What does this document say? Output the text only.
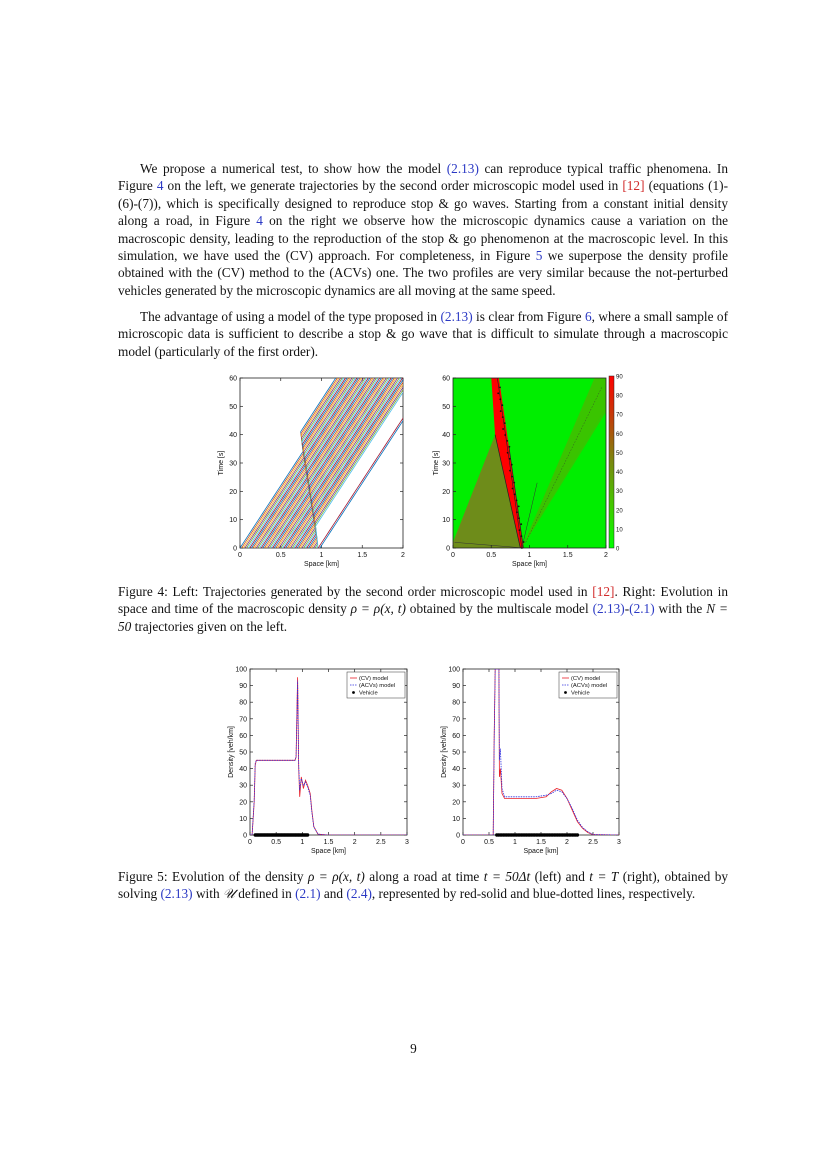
We propose a numerical test, to show how the model (2.13) can reproduce typical traffic phenomena. In Figure 4 on the left, we generate trajectories by the second order microscopic model used in [12] (equations (1)-(6)-(7)), which is specifically designed to reproduce stop & go waves. Starting from a constant initial density along a road, in Figure 4 on the right we observe how the microscopic dynamics cause a variation on the macroscopic density, leading to the reproduction of the stop & go phenomenon at the macroscopic level. In this simulation, we have used the (CV) approach. For completeness, in Figure 5 we superpose the density profile obtained with the (CV) method to the (ACVs) one. The two profiles are very similar because the not-perturbed vehicles generated by the microscopic dynamics are all moving at the same speed.

The advantage of using a model of the type proposed in (2.13) is clear from Figure 6, where a small sample of microscopic data is sufficient to describe a stop & go wave that is difficult to simulate through a macroscopic model (particularly of the first order).

0	0.5	1	1.5	2
0
10
20
30
40
50
60
Space [km]
Time [s]
0	0.5	1	1.5	2
0
10
20
30
40
50
60
Space [km]
Time [s]
0
10
20
30
40
50
60
70
80
90
0	0.5	1	1.5	2	2.5	3
0
10
20
30
40
50
60
70
80
90
100
Space [km]
Density [veh/km]
(CV) model
(ACVs) model
Vehicle
0	0.5	1	1.5	2	2.5	3
0
10
20
30
40
50
60
70
80
90
100
Space [km]
Density [veh/km]
(CV) model
(ACVs) model
Vehicle

Figure 4: Left: Trajectories generated by the second order microscopic model used in [12]. Right: Evolution in space and time of the macroscopic density ρ = ρ(x, t) obtained by the multiscale model (2.13)-(2.1) with the N = 50 trajectories given on the left.

Figure 5: Evolution of the density ρ = ρ(x, t) along a road at time t = 50Δt (left) and t = T (right), obtained by solving (2.13) with 𝒰 defined in (2.1) and (2.4), represented by red-solid and blue-dotted lines, respectively.

9
